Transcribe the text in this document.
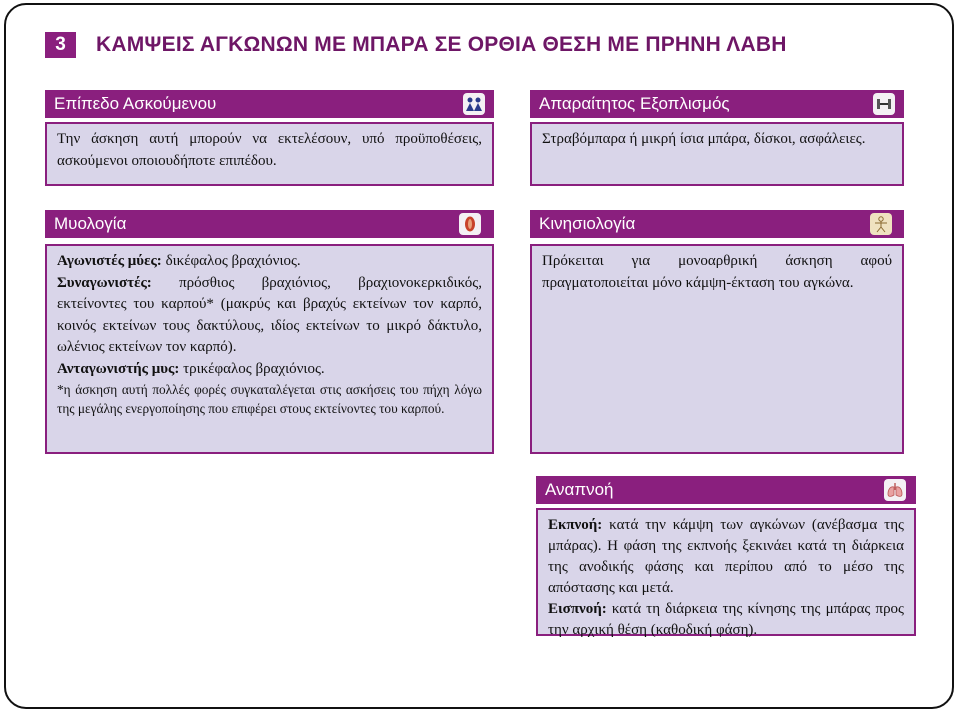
3	ΚΑΜΨΕΙΣ ΑΓΚΩΝΩΝ ΜΕ ΜΠΑΡΑ ΣΕ ΟΡΘΙΑ ΘΕΣΗ ΜΕ ΠΡΗΝΗ ΛΑΒΗ
Επίπεδο Ασκούμενου

Την άσκηση αυτή μπορούν να εκτελέσουν, υπό προϋποθέσεις, ασκούμενοι οποιουδήποτε επιπέδου.

Απαραίτητος Εξοπλισμός

Στραβόμπαρα ή μικρή ίσια μπάρα, δίσκοι, ασφάλειες.

Μυολογία

Αγωνιστές μύες: δικέφαλος βραχιόνιος.

Συναγωνιστές: πρόσθιος βραχιόνιος, βραχιονοκερκιδικός, εκτείνοντες του καρπού* (μακρύς και βραχύς εκτείνων τον καρπό, κοινός εκτείνων τους δακτύλους, ιδίος εκτείνων το μικρό δάκτυλο, ωλένιος εκτείνων τον καρπό).

Ανταγωνιστής μυς: τρικέφαλος βραχιόνιος.

*η άσκηση αυτή πολλές φορές συγκαταλέγεται στις ασκήσεις του πήχη λόγω της μεγάλης ενεργοποίησης που επιφέρει στους εκτείνοντες του καρπού.

Κινησιολογία

Πρόκειται για μονοαρθρική άσκηση αφού πραγματοποιείται μόνο κάμψη-έκταση του αγκώνα.

Αναπνοή

Εκπνοή: κατά την κάμψη των αγκώνων (ανέβασμα της μπάρας). Η φάση της εκπνοής ξεκινάει κατά τη διάρκεια της ανοδικής φάσης και περίπου από το μέσο της απόστασης και μετά.

Εισπνοή: κατά τη διάρκεια της κίνησης της μπάρας προς την αρχική θέση (καθοδική φάση).
